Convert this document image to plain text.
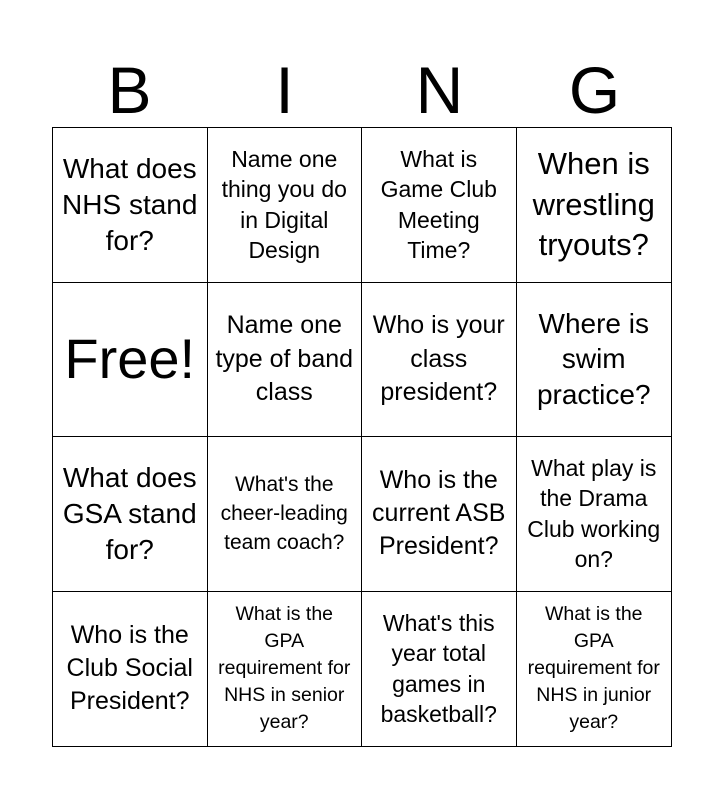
B	I	N	G
What does NHS stand for?
Name one thing you do in Digital Design
What is Game Club Meeting Time?
When is wrestling tryouts?
Free!
Name one type of band class
Who is your class president?
Where is swim practice?
What does GSA stand for?
What's the cheer-leading team coach?
Who is the current ASB President?
What play is the Drama Club working on?
Who is the Club Social President?
What is the GPA requirement for NHS in senior year?
What's this year total games in basketball?
What is the GPA requirement for NHS in junior year?
